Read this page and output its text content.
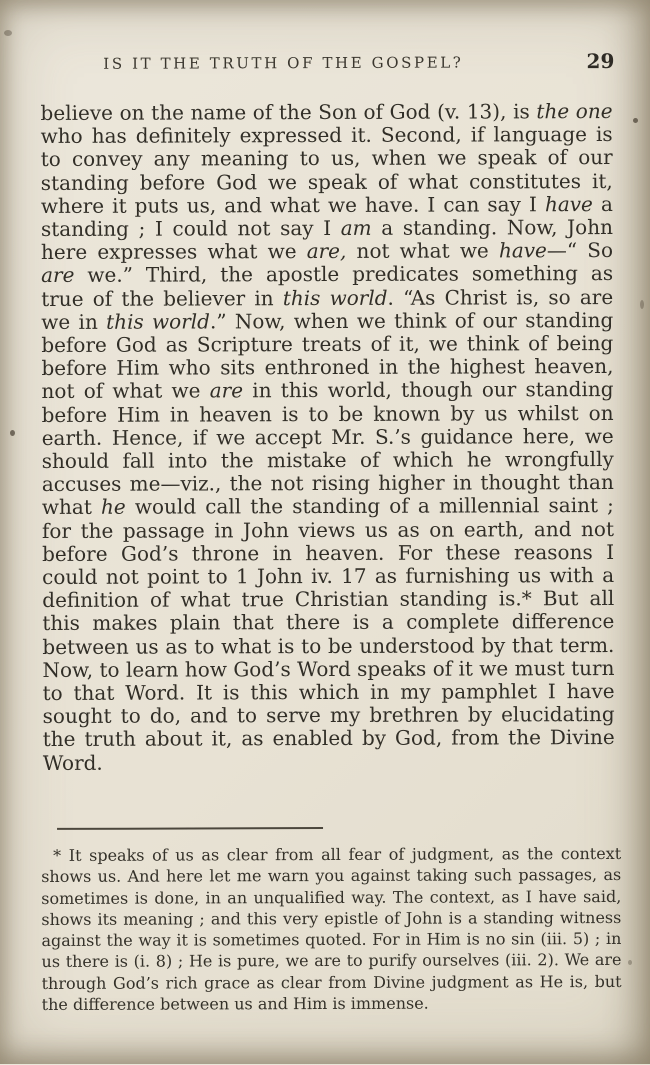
IS IT THE TRUTH OF THE GOSPEL?	29
believe on the name of the Son of God (v. 13), is the one who has definitely expressed it. Second, if language is to convey any meaning to us, when we speak of our standing before God we speak of what constitutes it, where it puts us, and what we have. I can say I have a standing ; I could not say I am a standing. Now, John here expresses what we are, not what we have—“ So are we.” Third, the apostle predicates something as true of the believer in this world. “As Christ is, so are we in this world.” Now, when we think of our standing before God as Scripture treats of it, we think of being before Him who sits enthroned in the highest heaven, not of what we are in this world, though our standing before Him in heaven is to be known by us whilst on earth. Hence, if we accept Mr. S.’s guidance here, we should fall into the mistake of which he wrongfully accuses me—viz., the not rising higher in thought than what he would call the standing of a millennial saint ; for the passage in John views us as on earth, and not before God’s throne in heaven. For these reasons I could not point to 1 John iv. 17 as furnishing us with a definition of what true Christian standing is.* But all this makes plain that there is a complete difference between us as to what is to be understood by that term. Now, to learn how God’s Word speaks of it we must turn to that Word. It is this which in my pamphlet I have sought to do, and to serve my brethren by elucidating the truth about it, as enabled by God, from the Divine Word.
* It speaks of us as clear from all fear of judgment, as the context shows us. And here let me warn you against taking such passages, as sometimes is done, in an unqualified way. The context, as I have said, shows its meaning ; and this very epistle of John is a standing witness against the way it is sometimes quoted. For in Him is no sin (iii. 5) ; in us there is (i. 8) ; He is pure, we are to purify ourselves (iii. 2). We are through God’s rich grace as clear from Divine judgment as He is, but the difference between us and Him is immense.
